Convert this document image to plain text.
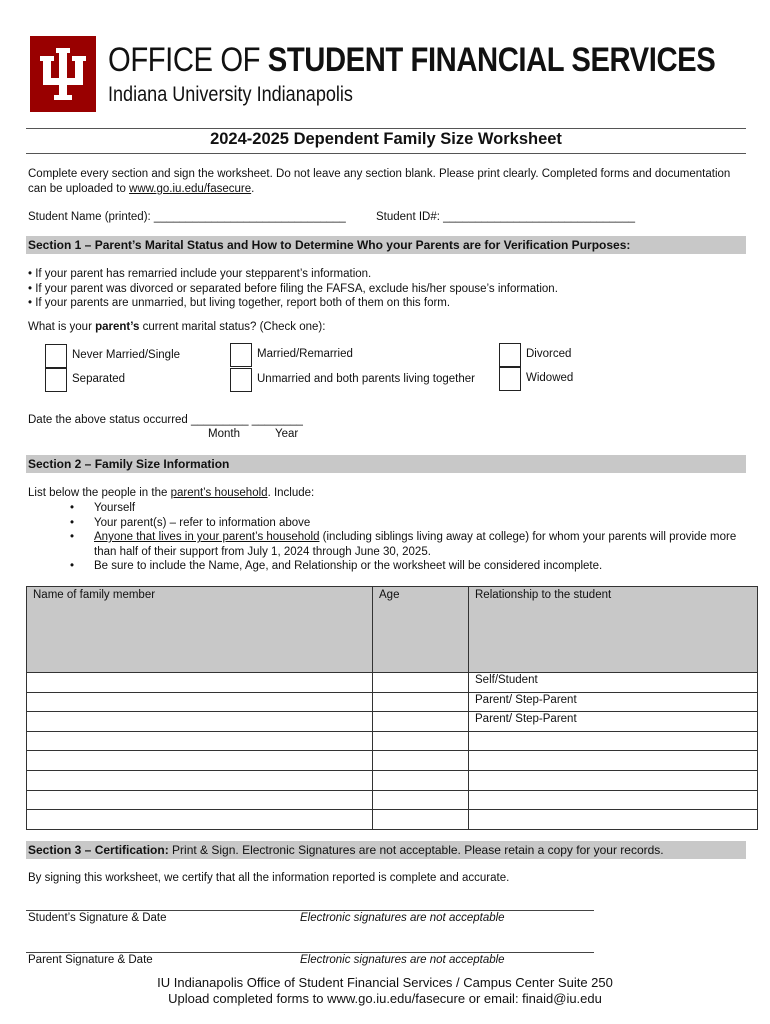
OFFICE OF STUDENT FINANCIAL SERVICES
Indiana University Indianapolis
2024-2025 Dependent Family Size Worksheet
Complete every section and sign the worksheet. Do not leave any section blank. Please print clearly. Completed forms and documentation can be uploaded to www.go.iu.edu/fasecure.
Student Name (printed): ______________________________	Student ID#: ______________________________
Section 1 – Parent’s Marital Status and How to Determine Who your Parents are for Verification Purposes:
• If your parent has remarried include your stepparent’s information.
• If your parent was divorced or separated before filing the FAFSA, exclude his/her spouse’s information.
• If your parents are unmarried, but living together, report both of them on this form.
What is your parent’s current marital status? (Check one):
Never Married/Single	Married/Remarried	Divorced
Separated	Unmarried and both parents living together	Widowed
Date the above status occurred _________ ________
Month	Year
Section 2 – Family Size Information
List below the people in the parent’s household. Include:
• Yourself
• Your parent(s) – refer to information above
• Anyone that lives in your parent’s household (including siblings living away at college) for whom your parents will provide more than half of their support from July 1, 2024 through June 30, 2025.
• Be sure to include the Name, Age, and Relationship or the worksheet will be considered incomplete.
Name of family member	Age	Relationship to the student
		Self/Student
		Parent/ Step-Parent
		Parent/ Step-Parent

Section 3 – Certification: Print & Sign. Electronic Signatures are not acceptable. Please retain a copy for your records.
By signing this worksheet, we certify that all the information reported is complete and accurate.
Student’s Signature & Date	Electronic signatures are not acceptable
Parent Signature & Date	Electronic signatures are not acceptable
IU Indianapolis Office of Student Financial Services / Campus Center Suite 250
Upload completed forms to www.go.iu.edu/fasecure or email: finaid@iu.edu
